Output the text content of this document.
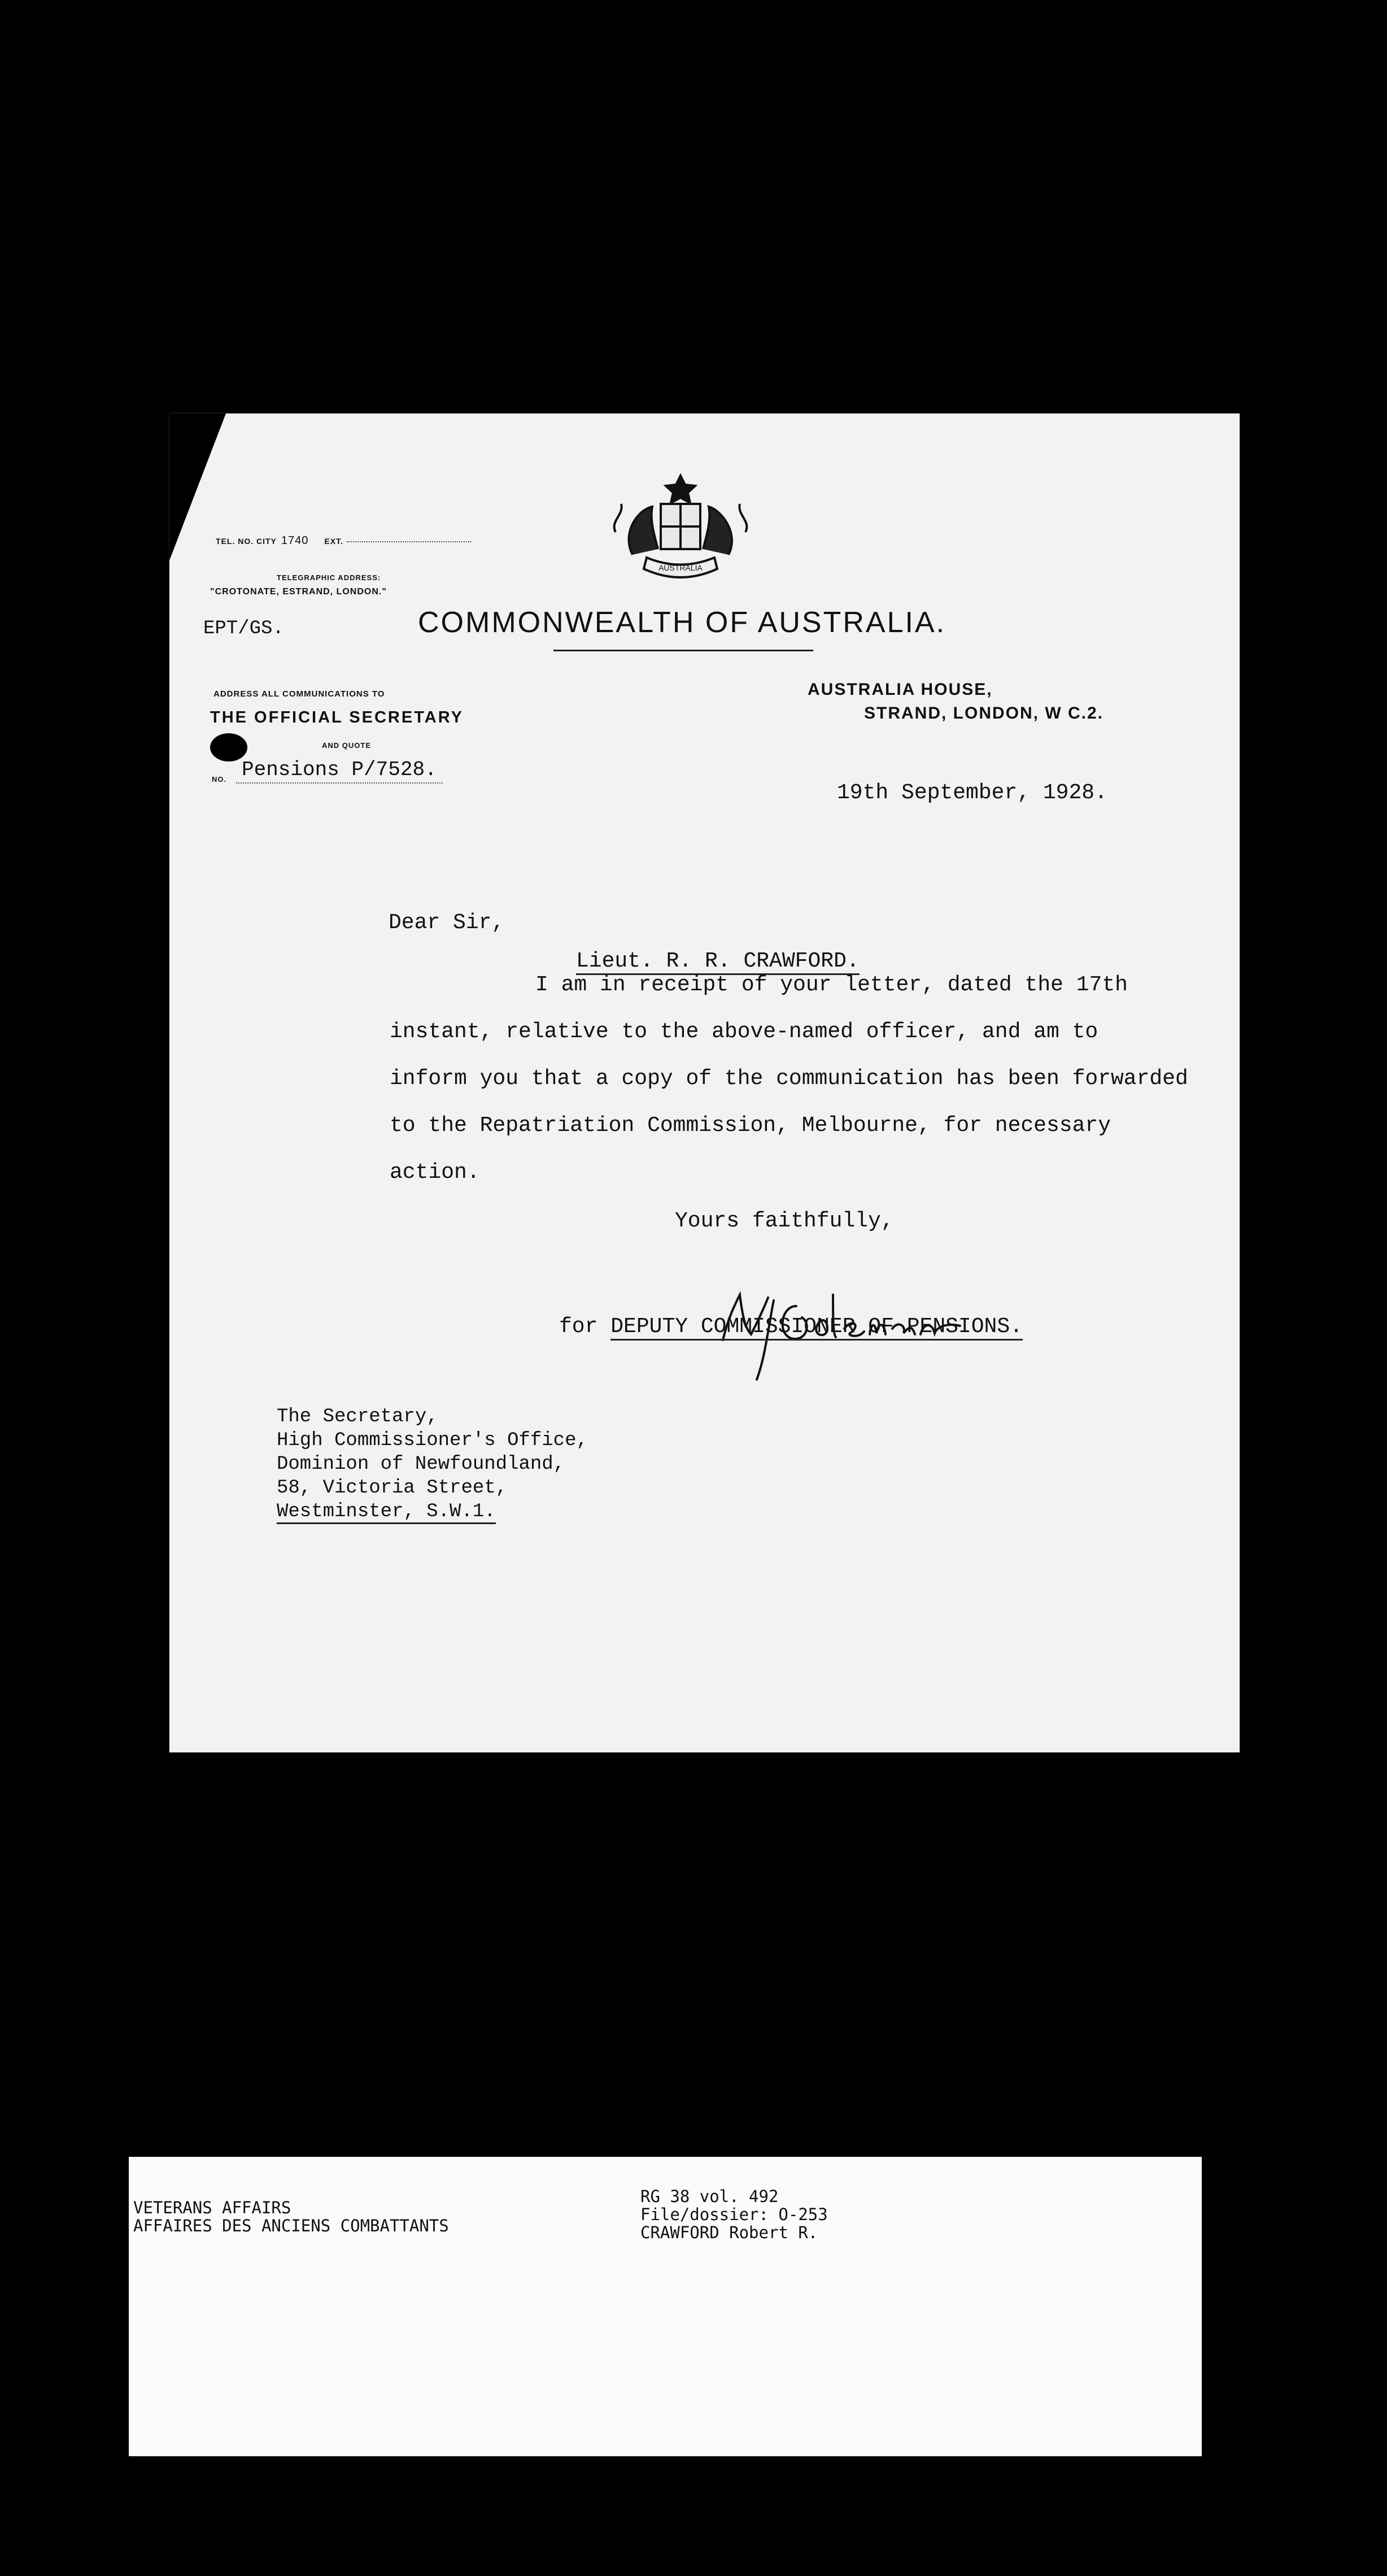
AUSTRALIA
TEL. NO. CITY 1740 EXT.
TELEGRAPHIC ADDRESS:
"CROTONATE, ESTRAND, LONDON."
EPT/GS.	COMMONWEALTH OF AUSTRALIA.
ADDRESS ALL COMMUNICATIONS TO
THE OFFICIAL SECRETARY
AND QUOTE
NO. Pensions P/7528.
AUSTRALIA HOUSE,
STRAND, LONDON, W C.2.
19th September, 1928.
Dear Sir,
Lieut. R. R. CRAWFORD.
I am in receipt of your letter, dated the 17th
instant, relative to the above-named officer, and am to
inform you that a copy of the communication has been forwarded
to the Repatriation Commission, Melbourne, for necessary
action.
Yours faithfully,
for DEPUTY COMMISSIONER OF PENSIONS.
The Secretary,
High Commissioner's Office,
Dominion of Newfoundland,
58, Victoria Street,
Westminster, S.W.1.
VETERANS AFFAIRS
AFFAIRES DES ANCIENS COMBATTANTS
RG 38 vol. 492
File/dossier: O-253
CRAWFORD Robert R.
